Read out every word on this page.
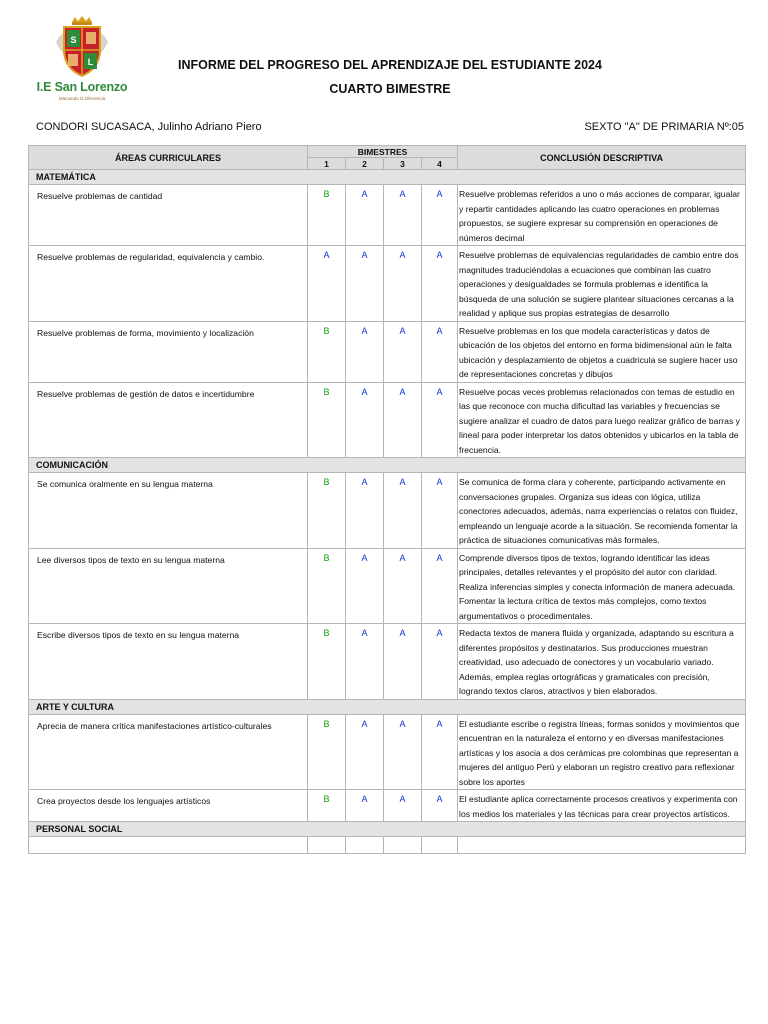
S
L
I.E San Lorenzo
Marcando la Diferencia
INFORME DEL PROGRESO DEL APRENDIZAJE DEL ESTUDIANTE 2024
CUARTO BIMESTRE
CONDORI SUCASACA, Julinho Adriano Piero	SEXTO "A" DE PRIMARIA Nº:05
ÁREAS CURRICULARES	BIMESTRES				CONCLUSIÓN DESCRIPTIVA
	1	2	3	4	
MATEMÁTICA					
Resuelve problemas de cantidad	B	A	A	A	Resuelve problemas referidos a uno o más acciones de comparar, igualar y repartir cantidades aplicando las cuatro operaciones en problemas propuestos, se sugiere expresar su comprensión en operaciones de números decimal
Resuelve problemas de regularidad, equivalencia y cambio.	A	A	A	A	Resuelve problemas de equivalencias regularidades de cambio entre dos magnitudes traduciéndolas a ecuaciones que combinan las cuatro operaciones y desigualdades se formula problemas e identifica la búsqueda de una solución se sugiere plantear situaciones cercanas a la realidad y aplique sus propias estrategias de desarrollo
Resuelve problemas de forma, movimiento y localización	B	A	A	A	Resuelve problemas en los que modela características y datos de ubicación de los objetos del entorno en forma bidimensional aún le falta ubicación y desplazamiento de objetos a cuadricula se sugiere hacer uso de representaciones concretas y dibujos
Resuelve problemas de gestión de datos e incertidumbre	B	A	A	A	Resuelve pocas veces problemas relacionados con temas de estudio en las que reconoce con mucha dificultad las variables y frecuencias se sugiere analizar el cuadro de datos para luego realizar gráfico de barras y lineal para poder interpretar los datos obtenidos y ubicarlos en la tabla de frecuencia.
COMUNICACIÓN					
Se comunica oralmente en su lengua materna	B	A	A	A	Se comunica de forma clara y coherente, participando activamente en conversaciones grupales. Organiza sus ideas con lógica, utiliza conectores adecuados, además, narra experiencias o relatos con fluidez, empleando un lenguaje acorde a la situación. Se recomienda fomentar la práctica de situaciones comunicativas más formales.
Lee diversos tipos de texto en su lengua materna	B	A	A	A	Comprende diversos tipos de textos, logrando identificar las ideas principales, detalles relevantes y el propósito del autor con claridad. Realiza inferencias simples y conecta información de manera adecuada. Fomentar la lectura crítica de textos más complejos, como textos argumentativos o procedimentales.
Escribe diversos tipos de texto en su lengua materna	B	A	A	A	Redacta textos de manera fluida y organizada, adaptando su escritura a diferentes propósitos y destinatarios. Sus producciones muestran creatividad, uso adecuado de conectores y un vocabulario variado. Además, emplea reglas ortográficas y gramaticales con precisión, logrando textos claros, atractivos y bien elaborados.
ARTE Y CULTURA					
Aprecia de manera crítica manifestaciones artístico-culturales	B	A	A	A	El estudiante escribe o registra líneas, formas sonidos y movimientos que encuentran en la naturaleza el entorno y en diversas manifestaciones artísticas y los asocia a dos cerámicas pre colombinas que representan a mujeres del antiguo Perú y elaboran un registro creativo para reflexionar sobre los aportes
Crea proyectos desde los lenguajes artísticos	B	A	A	A	El estudiante aplica correctamente procesos creativos y experimenta con los medios los materiales y las técnicas para crear proyectos artísticos.
PERSONAL SOCIAL					
